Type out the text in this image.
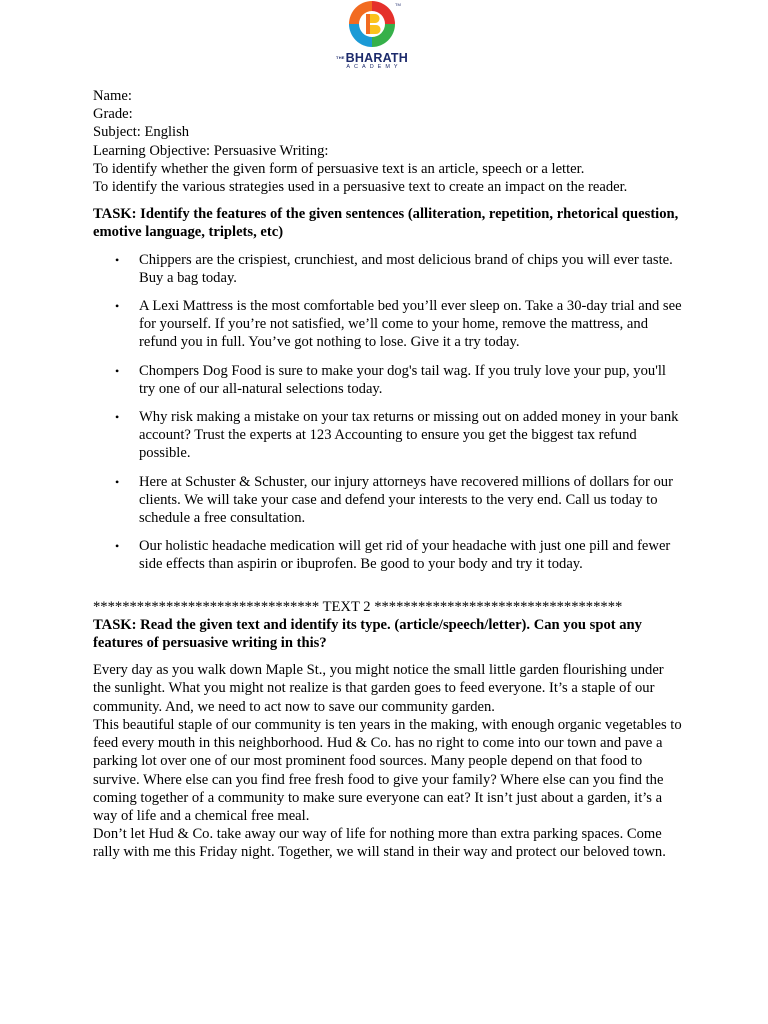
TM
$^{THE}$BHARATH
ACADEMY
Name:
Grade:
Subject: English
Learning Objective: Persuasive Writing:
To identify whether the given form of persuasive text is an article, speech or a letter.
To identify the various strategies used in a persuasive text to create an impact on the reader.
TASK: Identify the features of the given sentences (alliteration, repetition, rhetorical question, emotive language, triplets, etc)
• Chippers are the crispiest, crunchiest, and most delicious brand of chips you will ever taste. Buy a bag today.
• A Lexi Mattress is the most comfortable bed you’ll ever sleep on. Take a 30-day trial and see for yourself. If you’re not satisfied, we’ll come to your home, remove the mattress, and refund you in full. You’ve got nothing to lose. Give it a try today.
• Chompers Dog Food is sure to make your dog's tail wag. If you truly love your pup, you'll try one of our all-natural selections today.
• Why risk making a mistake on your tax returns or missing out on added money in your bank account? Trust the experts at 123 Accounting to ensure you get the biggest tax refund possible.
• Here at Schuster & Schuster, our injury attorneys have recovered millions of dollars for our clients. We will take your case and defend your interests to the very end. Call us today to schedule a free consultation.
• Our holistic headache medication will get rid of your headache with just one pill and fewer side effects than aspirin or ibuprofen. Be good to your body and try it today.
******************************* TEXT 2 **********************************
TASK: Read the given text and identify its type. (article/speech/letter). Can you spot any features of persuasive writing in this?
Every day as you walk down Maple St., you might notice the small little garden flourishing under the sunlight. What you might not realize is that garden goes to feed everyone. It’s a staple of our community. And, we need to act now to save our community garden.
This beautiful staple of our community is ten years in the making, with enough organic vegetables to feed every mouth in this neighborhood. Hud & Co. has no right to come into our town and pave a parking lot over one of our most prominent food sources. Many people depend on that food to survive. Where else can you find free fresh food to give your family? Where else can you find the coming together of a community to make sure everyone can eat? It isn’t just about a garden, it’s a way of life and a chemical free meal.
Don’t let Hud & Co. take away our way of life for nothing more than extra parking spaces. Come rally with me this Friday night. Together, we will stand in their way and protect our beloved town.
